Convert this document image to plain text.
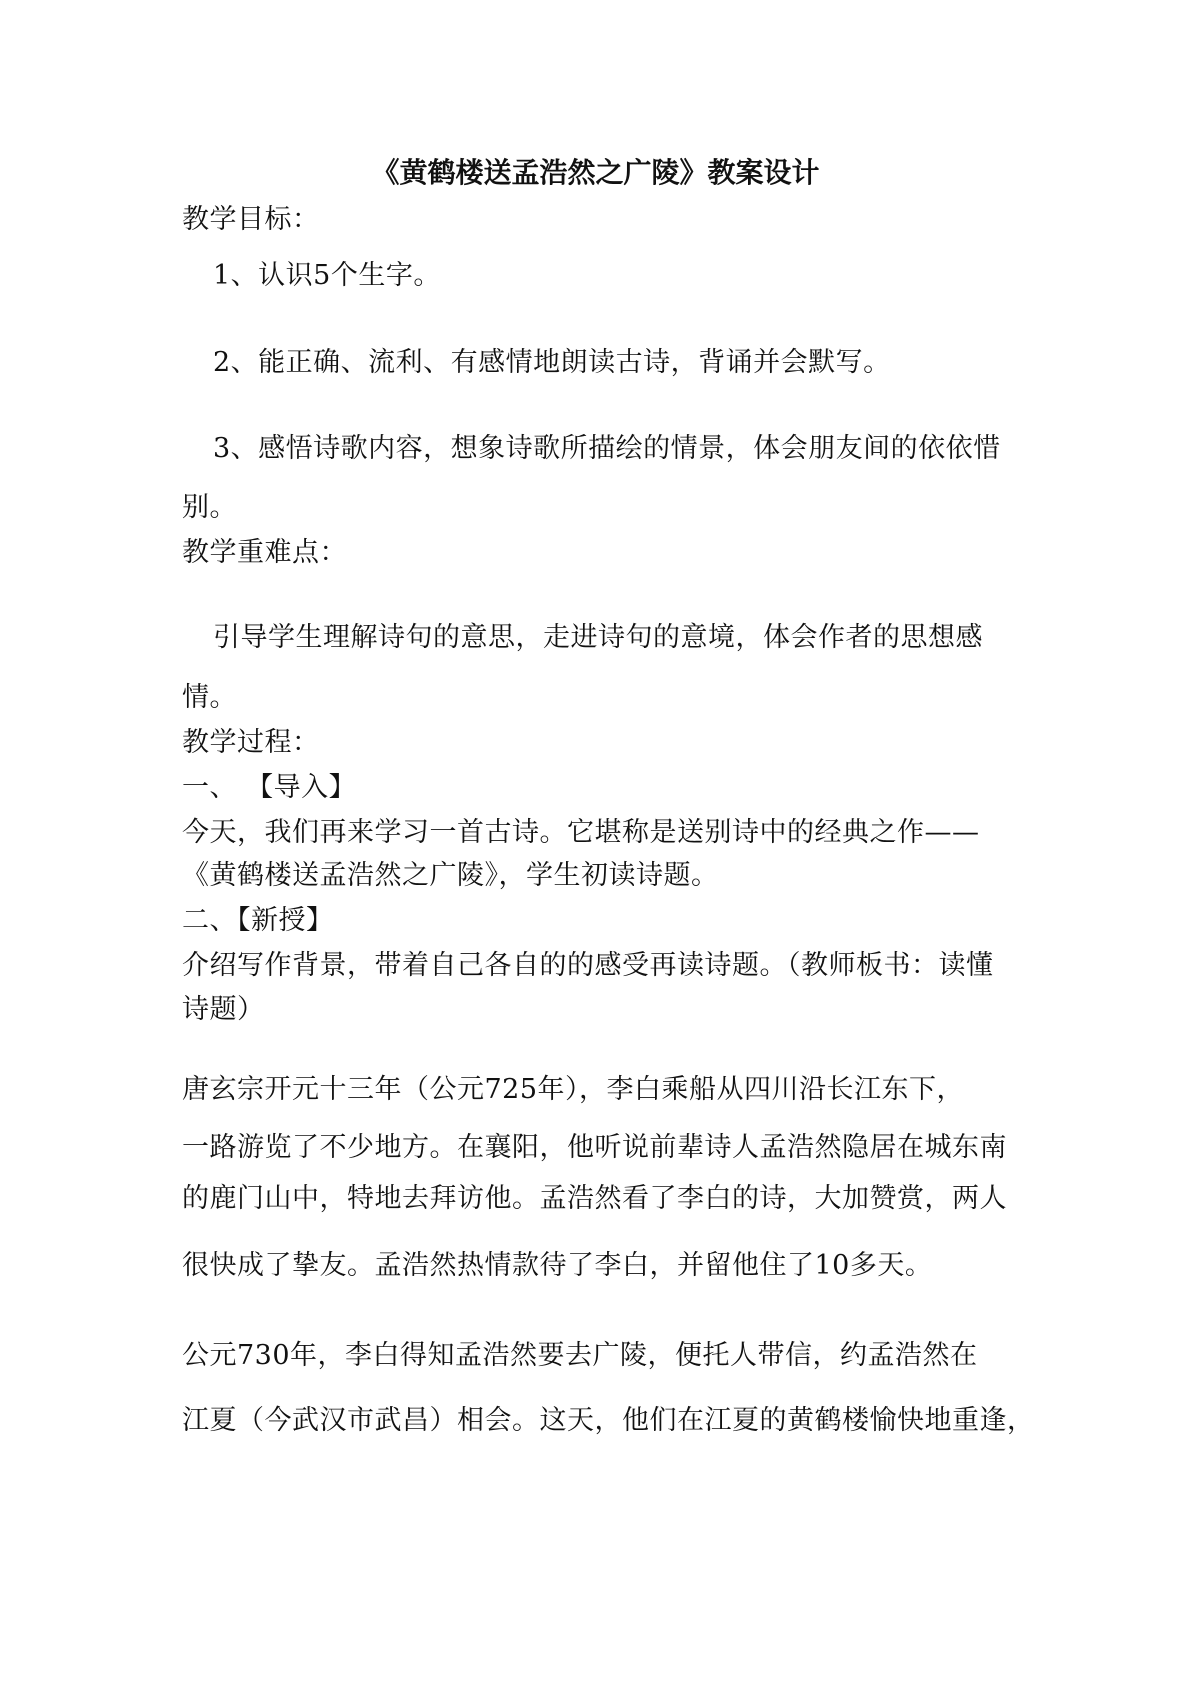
《黄鹤楼送孟浩然之广陵》教案设计
教学目标：
1、认识5个生字。
2、能正确、流利、有感情地朗读古诗，背诵并会默写。
3、感悟诗歌内容，想象诗歌所描绘的情景，体会朋友间的依依惜
别。
教学重难点：
引导学生理解诗句的意思，走进诗句的意境，体会作者的思想感
情。
教学过程：
一、 【导入】
今天，我们再来学习一首古诗。它堪称是送别诗中的经典之作——
《黄鹤楼送孟浩然之广陵》，学生初读诗题。
二、【新授】
介绍写作背景，带着自己各自的的感受再读诗题。（教师板书：读懂
诗题）
唐玄宗开元十三年（公元725年），李白乘船从四川沿长江东下，
一路游览了不少地方。在襄阳，他听说前辈诗人孟浩然隐居在城东南
的鹿门山中，特地去拜访他。孟浩然看了李白的诗，大加赞赏，两人
很快成了挚友。孟浩然热情款待了李白，并留他住了10多天。
公元730年，李白得知孟浩然要去广陵，便托人带信，约孟浩然在
江夏（今武汉市武昌）相会。这天，他们在江夏的黄鹤楼愉快地重逢，
